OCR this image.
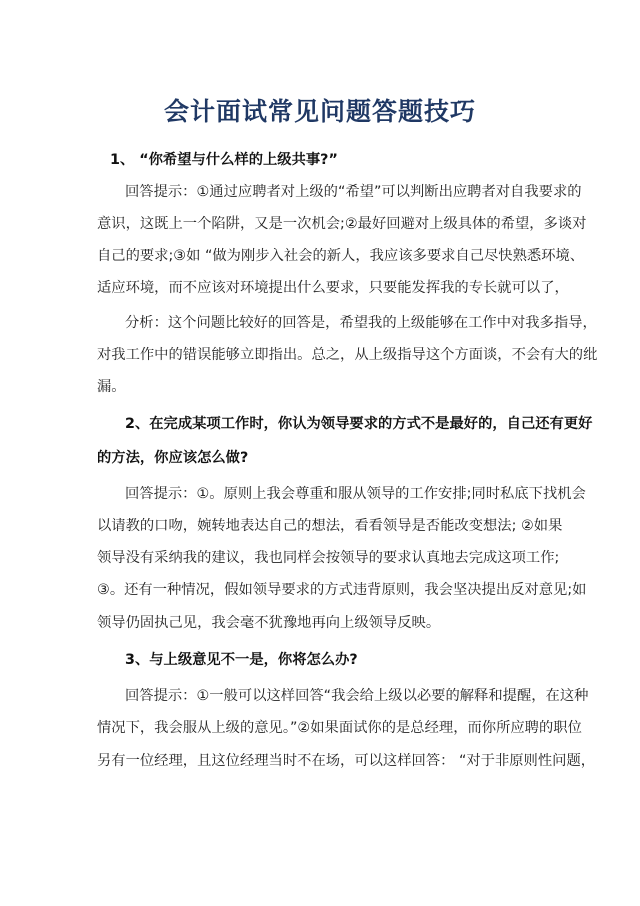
会计面试常见问题答题技巧
1、 “你希望与什么样的上级共事?”
回答提示：①通过应聘者对上级的“希望”可以判断出应聘者对自我要求的
意识，这既上一个陷阱，又是一次机会;②最好回避对上级具体的希望，多谈对
自己的要求;③如 “做为刚步入社会的新人，我应该多要求自己尽快熟悉环境、
适应环境，而不应该对环境提出什么要求，只要能发挥我的专长就可以了，
分析：这个问题比较好的回答是，希望我的上级能够在工作中对我多指导，
对我工作中的错误能够立即指出。总之，从上级指导这个方面谈，不会有大的纰
漏。
2、在完成某项工作时，你认为领导要求的方式不是最好的，自己还有更好
的方法，你应该怎么做?
回答提示：①。原则上我会尊重和服从领导的工作安排;同时私底下找机会
以请教的口吻，婉转地表达自己的想法，看看领导是否能改变想法; ②如果
领导没有采纳我的建议，我也同样会按领导的要求认真地去完成这项工作;
③。还有一种情况，假如领导要求的方式违背原则，我会坚决提出反对意见;如
领导仍固执己见，我会毫不犹豫地再向上级领导反映。
3、与上级意见不一是，你将怎么办?
回答提示：①一般可以这样回答“我会给上级以必要的解释和提醒，在这种
情况下，我会服从上级的意见。”②如果面试你的是总经理，而你所应聘的职位
另有一位经理，且这位经理当时不在场，可以这样回答： “对于非原则性问题，
